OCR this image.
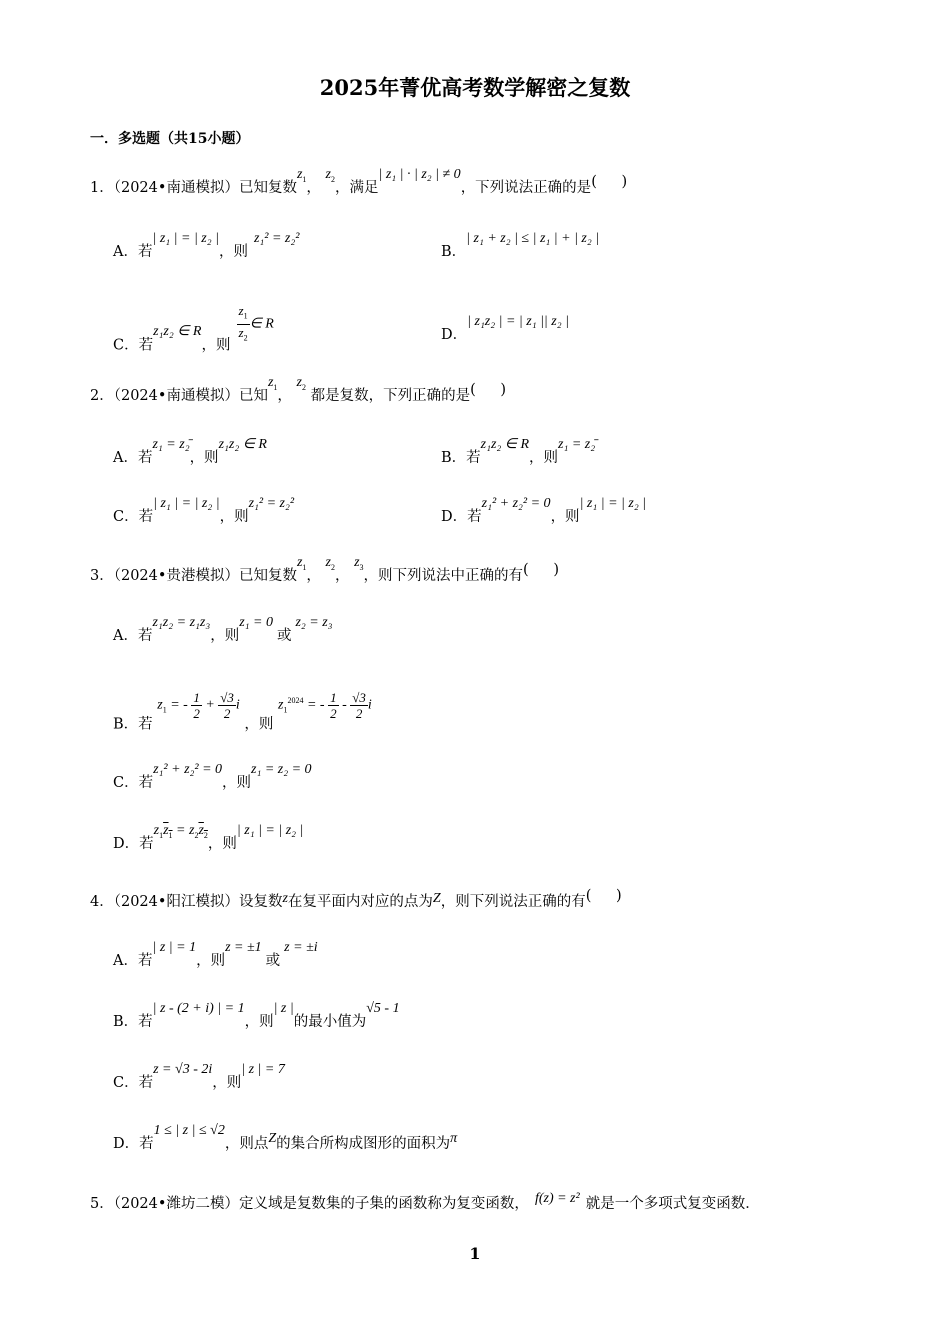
2025年菁优高考数学解密之复数
一．多选题（共15小题）
1．（2024•南通模拟）已知复数$z_1$， $z_2$，满足| z₁ | · | z₂ | ≠ 0，下列说法正确的是( )
A．若| z₁ | = | z₂ |，则z₁² = z₂²
B．| z₁ + z₂ | ≤ | z₁ | + | z₂ |
C．若z₁z₂ ∈ R，则
$\frac{z_1}{z_2}$ ∈ R
D．| z₁z₂ | = | z₁ || z₂ |
2．（2024•南通模拟）已知$z_1$， $z_2$ 都是复数，下列正确的是( )
A．若z₁ = z₂̄，则z₁z₂ ∈ R
B．若z₁z₂ ∈ R，则z₁ = z₂̄
C．若| z₁ | = | z₂ |，则z₁² = z₂²
D．若z₁² + z₂² = 0，则| z₁ | = | z₂ |
3．（2024•贵港模拟）已知复数$z_1$， $z_2$， $z_3$，则下列说法中正确的有( )
A．若z₁z₂ = z₁z₃，则z₁ = 0或z₂ = z₃
B．若 $z_1$ = - $\frac{1}{2} + \frac{√3}{2}$ i ，则 $z_1^{2024}$ = - $\frac{1}{2} - \frac{√3}{2}$ i
C．若z₁² + z₂² = 0，则z₁ = z₂ = 0
D．若$z_1z_1 = z_2z_2$，则| z₁ | = | z₂ |
4．（2024•阳江模拟）设复数z在复平面内对应的点为Z，则下列说法正确的有( )
A．若| z | = 1，则z = ±1或z = ±i
B．若| z - (2 + i) | = 1，则| z |的最小值为√5 - 1
C．若z = √3 - 2i，则| z | = 7
D．若1 ≤ | z | ≤ √2，则点Z的集合所构成图形的面积为π
5．（2024•潍坊二模）定义域是复数集的子集的函数称为复变函数， f(z) = z² 就是一个多项式复变函数．
1
